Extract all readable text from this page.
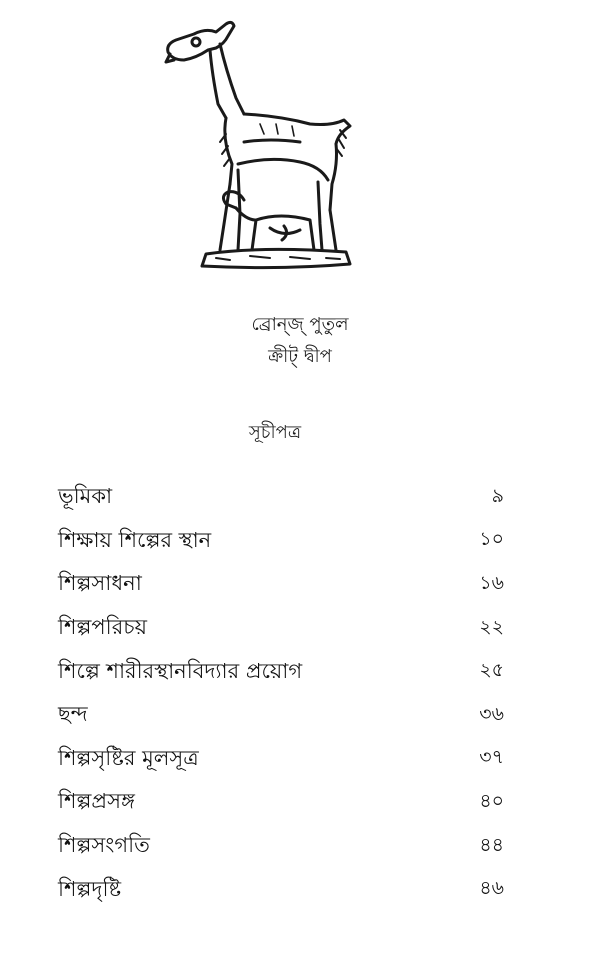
ব্রোন্‌জ্‌ পুতুল
ক্রীট্‌ দ্বীপ
সূচীপত্র
ভূমিকা	৯
শিক্ষায় শিল্পের স্থান	১০
শিল্পসাধনা	১৬
শিল্পপরিচয়	২২
শিল্পে শারীরস্থানবিদ্যার প্রয়োগ	২৫
ছন্দ	৩৬
শিল্পসৃষ্টির মূলসূত্র	৩৭
শিল্পপ্রসঙ্গ	৪০
শিল্পসংগতি	৪৪
শিল্পদৃষ্টি	৪৬
